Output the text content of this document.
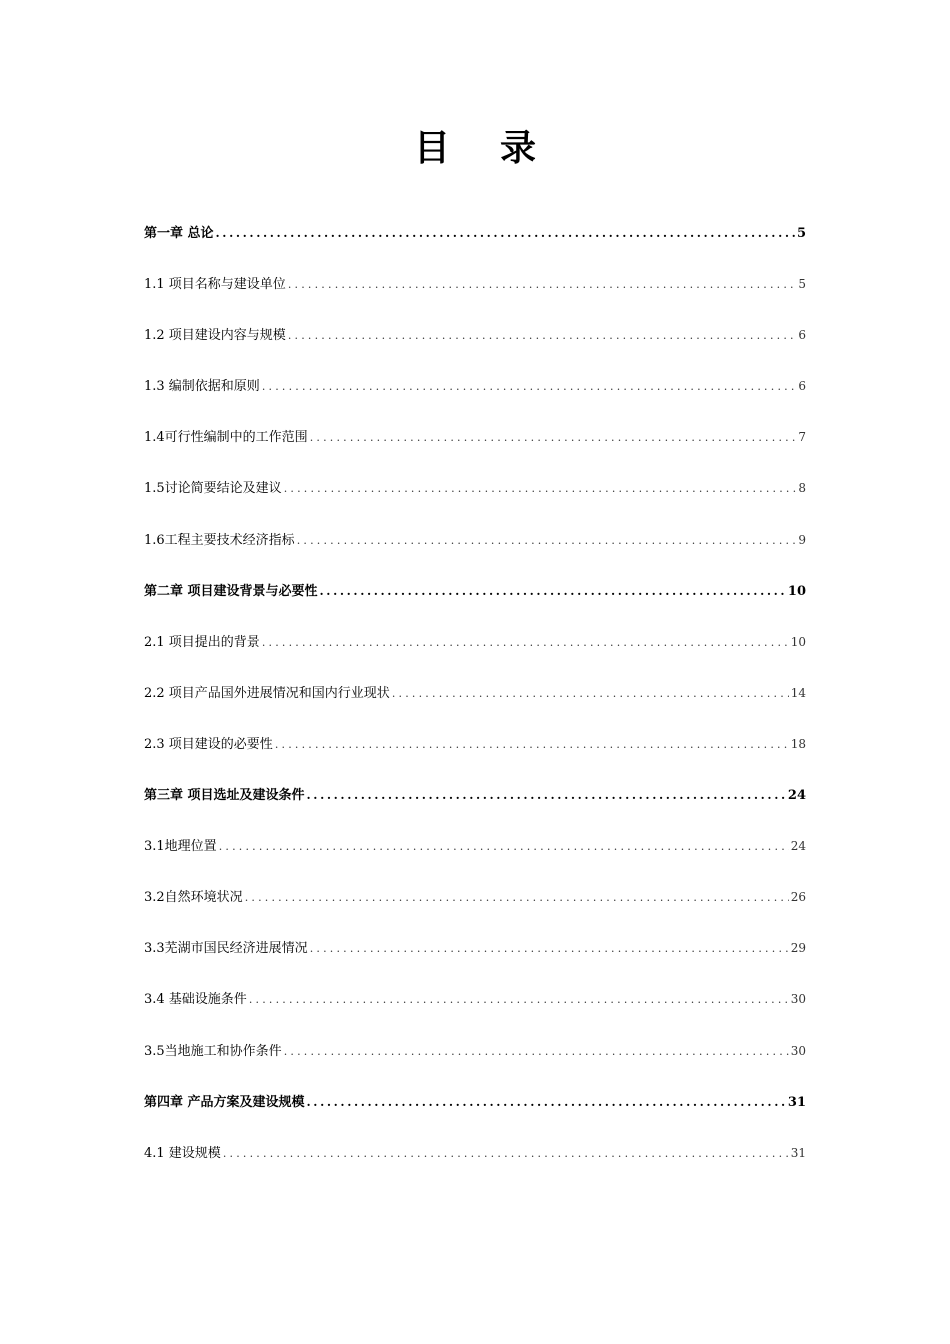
目录
第一章 总论 .....	5
1.1 项目名称与建设单位 .....	5
1.2 项目建设内容与规模 .....	6
1.3 编制依据和原则 .....	6
1.4可行性编制中的工作范围 .....	7
1.5讨论简要结论及建议 .....	8
1.6工程主要技术经济指标 .....	9
第二章 项目建设背景与必要性 .....	10
2.1 项目提出的背景 .....	10
2.2 项目产品国外进展情况和国内行业现状 .....	14
2.3 项目建设的必要性 .....	18
第三章 项目选址及建设条件 .....	24
3.1地理位置 .....	24
3.2自然环境状况 .....	26
3.3芜湖市国民经济进展情况 .....	29
3.4 基础设施条件 .....	30
3.5当地施工和协作条件 .....	30
第四章 产品方案及建设规模 .....	31
4.1 建设规模 .....	31
